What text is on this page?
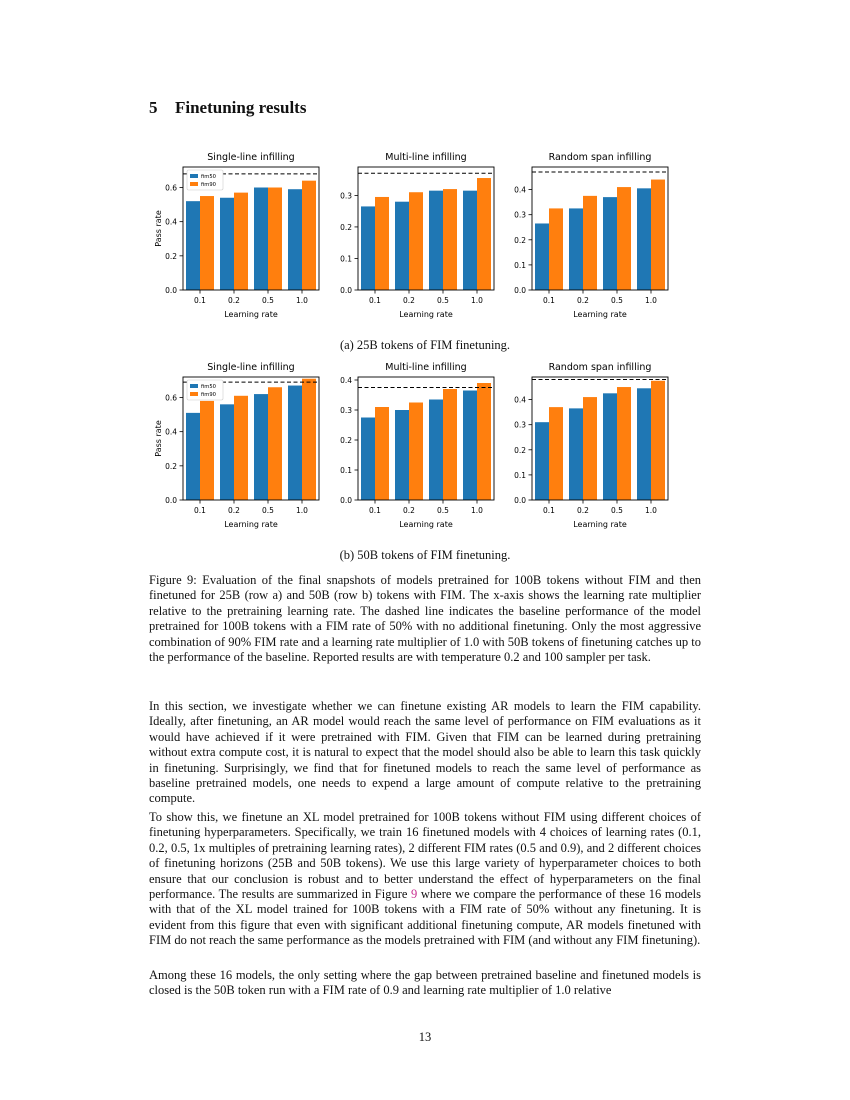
5 Finetuning results
Single-line infilling
0.0
0.2
0.4
0.6
0.1	0.2	0.5	1.0
Learning rate
Pass rate
fim50
fim90
Multi-line infilling
0.0
0.1
0.2
0.3
0.1	0.2	0.5	1.0
Learning rate
Random span infilling
0.0
0.1
0.2
0.3
0.4
0.1	0.2	0.5	1.0
Learning rate
(a) 25B tokens of FIM finetuning.
Single-line infilling
0.0
0.2
0.4
0.6
0.1	0.2	0.5	1.0
Learning rate
Pass rate
fim50
fim90
Multi-line infilling
0.0
0.1
0.2
0.3
0.4
0.1	0.2	0.5	1.0
Learning rate
Random span infilling
0.0
0.1
0.2
0.3
0.4
0.1	0.2	0.5	1.0
Learning rate
(b) 50B tokens of FIM finetuning.

Figure 9: Evaluation of the final snapshots of models pretrained for 100B tokens without FIM and then finetuned for 25B (row a) and 50B (row b) tokens with FIM. The x-axis shows the learning rate multiplier relative to the pretraining learning rate. The dashed line indicates the baseline performance of the model pretrained for 100B tokens with a FIM rate of 50% with no additional finetuning. Only the most aggressive combination of 90% FIM rate and a learning rate multiplier of 1.0 with 50B tokens of finetuning catches up to the performance of the baseline. Reported results are with temperature 0.2 and 100 sampler per task.

In this section, we investigate whether we can finetune existing AR models to learn the FIM capability. Ideally, after finetuning, an AR model would reach the same level of performance on FIM evaluations as it would have achieved if it were pretrained with FIM. Given that FIM can be learned during pretraining without extra compute cost, it is natural to expect that the model should also be able to learn this task quickly in finetuning. Surprisingly, we find that for finetuned models to reach the same level of performance as baseline pretrained models, one needs to expend a large amount of compute relative to the pretraining compute.

To show this, we finetune an XL model pretrained for 100B tokens without FIM using different choices of finetuning hyperparameters. Specifically, we train 16 finetuned models with 4 choices of learning rates (0.1, 0.2, 0.5, 1x multiples of pretraining learning rates), 2 different FIM rates (0.5 and 0.9), and 2 different choices of finetuning horizons (25B and 50B tokens). We use this large variety of hyperparameter choices to both ensure that our conclusion is robust and to better understand the effect of hyperparameters on the final performance. The results are summarized in Figure 9 where we compare the performance of these 16 models with that of the XL model trained for 100B tokens with a FIM rate of 50% without any finetuning. It is evident from this figure that even with significant additional finetuning compute, AR models finetuned with FIM do not reach the same performance as the models pretrained with FIM (and without any FIM finetuning).

Among these 16 models, the only setting where the gap between pretrained baseline and finetuned models is closed is the 50B token run with a FIM rate of 0.9 and learning rate multiplier of 1.0 relative

13
